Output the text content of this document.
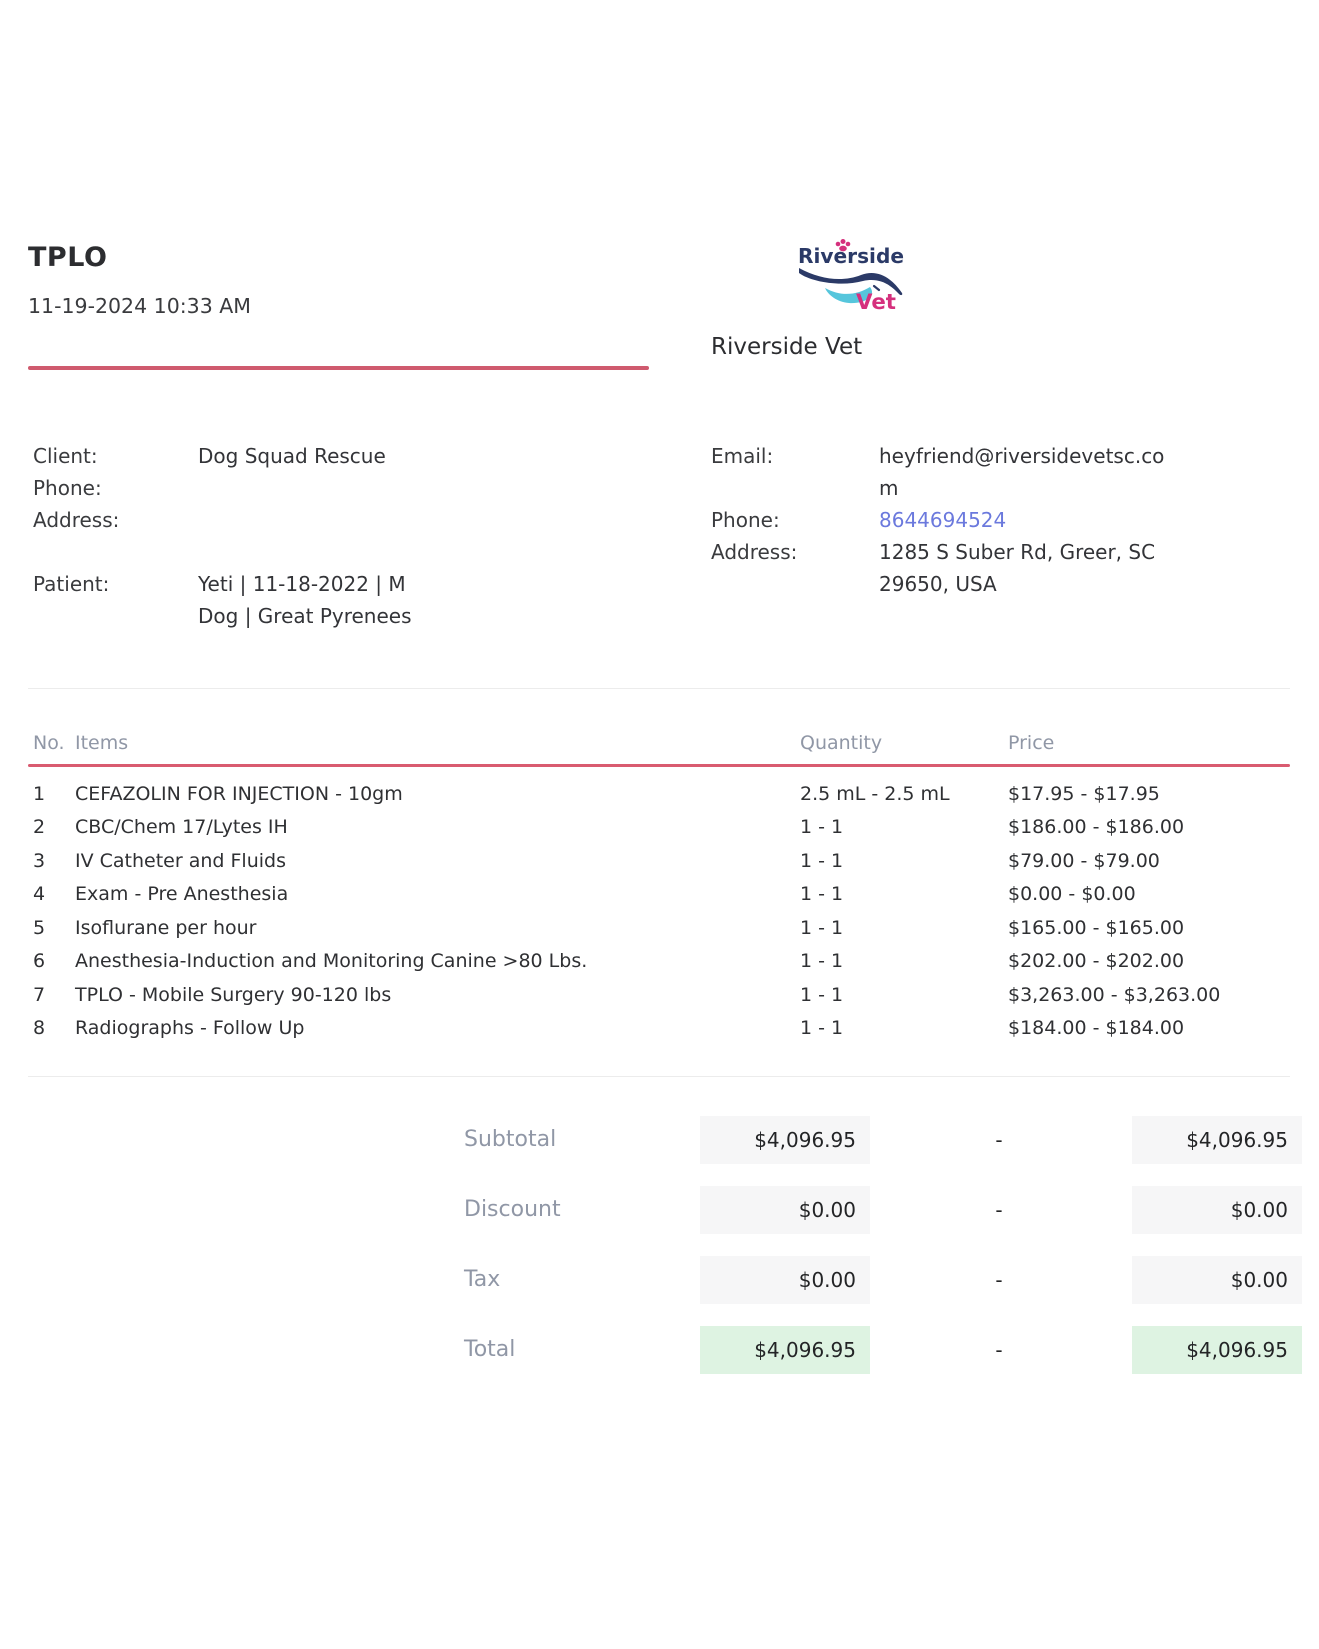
TPLO
11-19-2024 10:33 AM
Riverside
Vet
Riverside Vet
Client:	Dog Squad Rescue
Phone:
Address:
Patient:	Yeti | 11-18-2022 | M
Dog | Great Pyrenees
Email:	heyfriend@riversidevetsc.co
m
Phone:	8644694524
Address:	1285 S Suber Rd, Greer, SC
29650, USA
No. Items	Quantity	Price
1 CEFAZOLIN FOR INJECTION - 10gm	2.5 mL - 2.5 mL	$17.95 - $17.95
2 CBC/Chem 17/Lytes IH	1 - 1	$186.00 - $186.00
3 IV Catheter and Fluids	1 - 1	$79.00 - $79.00
4 Exam - Pre Anesthesia	1 - 1	$0.00 - $0.00
5 Isoflurane per hour	1 - 1	$165.00 - $165.00
6 Anesthesia-Induction and Monitoring Canine >80 Lbs.	1 - 1	$202.00 - $202.00
7 TPLO - Mobile Surgery 90-120 lbs	1 - 1	$3,263.00 - $3,263.00
8 Radiographs - Follow Up	1 - 1	$184.00 - $184.00
Subtotal	$4,096.95	-	$4,096.95
Discount	$0.00	-	$0.00
Tax	$0.00	-	$0.00
Total	$4,096.95	-	$4,096.95
